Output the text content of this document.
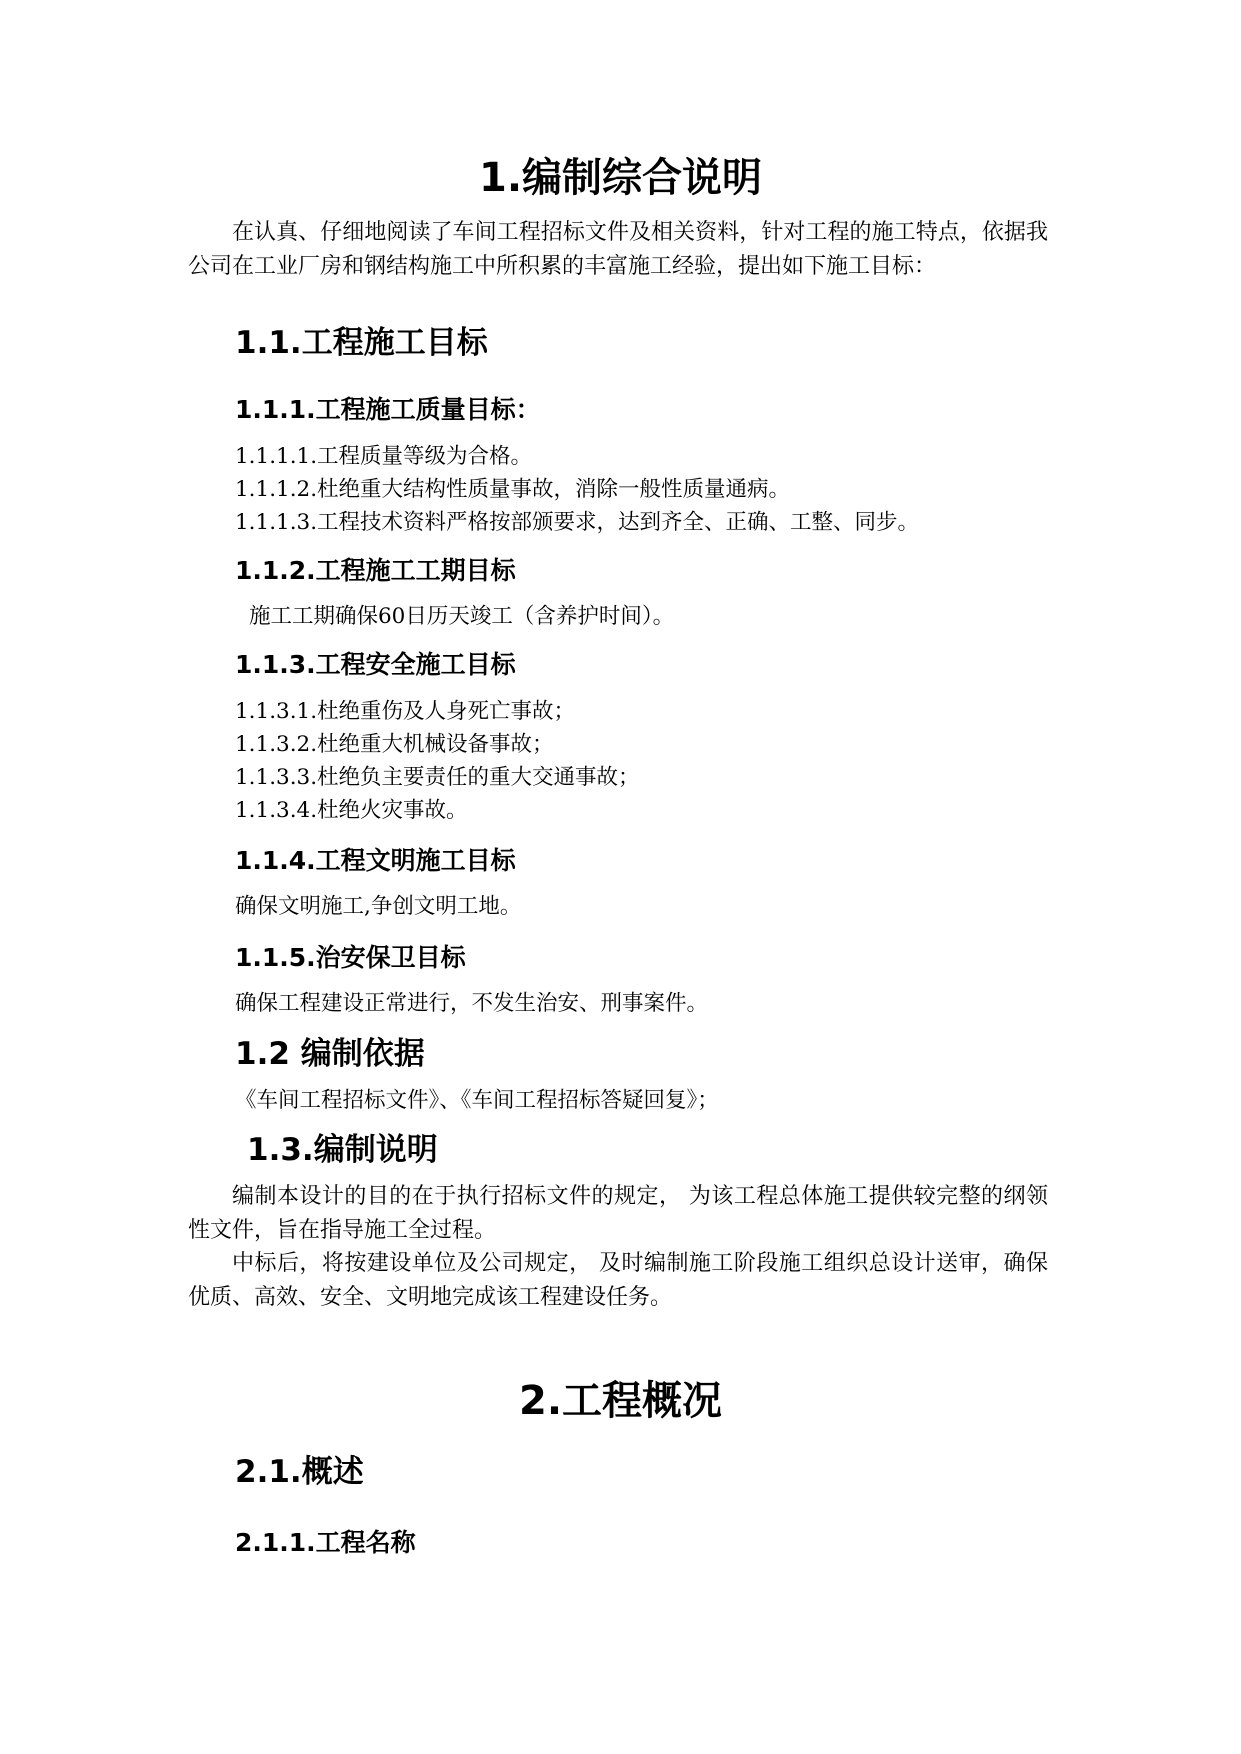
1.编制综合说明

在认真、仔细地阅读了车间工程招标文件及相关资料，针对工程的施工特点，依据我公司在工业厂房和钢结构施工中所积累的丰富施工经验，提出如下施工目标：

1.1.工程施工目标
1.1.1.工程施工质量目标：

1.1.1.1.工程质量等级为合格。

1.1.1.2.杜绝重大结构性质量事故，消除一般性质量通病。

1.1.1.3.工程技术资料严格按部颁要求，达到齐全、正确、工整、同步。

1.1.2.工程施工工期目标

施工工期确保60日历天竣工（含养护时间）。

1.1.3.工程安全施工目标

1.1.3.1.杜绝重伤及人身死亡事故；

1.1.3.2.杜绝重大机械设备事故；

1.1.3.3.杜绝负主要责任的重大交通事故；

1.1.3.4.杜绝火灾事故。

1.1.4.工程文明施工目标

确保文明施工,争创文明工地。

1.1.5.治安保卫目标

确保工程建设正常进行，不发生治安、刑事案件。

1.2 编制依据

《车间工程招标文件》、《车间工程招标答疑回复》；

1.3.编制说明

编制本设计的目的在于执行招标文件的规定， 为该工程总体施工提供较完整的纲领性文件，旨在指导施工全过程。

中标后，将按建设单位及公司规定， 及时编制施工阶段施工组织总设计送审，确保优质、高效、安全、文明地完成该工程建设任务。

2.工程概况
2.1.概述
2.1.1.工程名称
